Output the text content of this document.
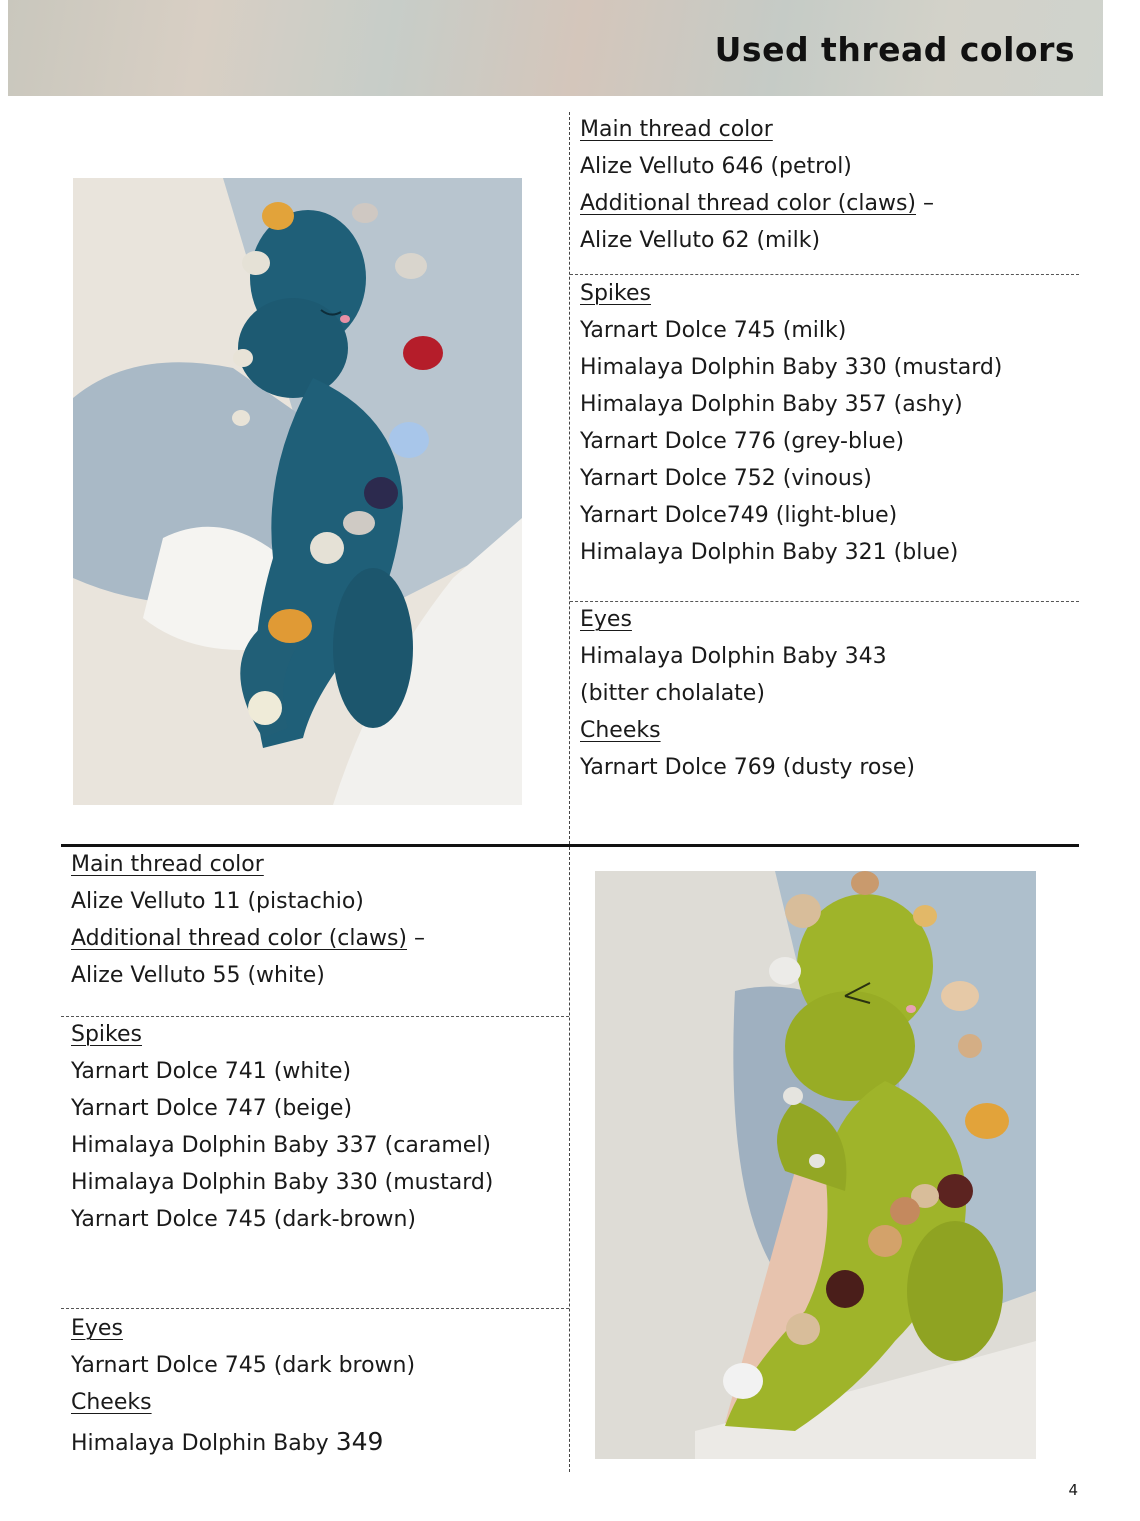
Used thread colors
Main thread color
Alize Velluto 646 (petrol)
Additional thread color (claws) –
Alize Velluto 62 (milk)
Spikes
Yarnart Dolce 745 (milk)
Himalaya Dolphin Baby 330 (mustard)
Himalaya Dolphin Baby 357 (ashy)
Yarnart Dolce 776 (grey-blue)
Yarnart Dolce 752 (vinous)
Yarnart Dolce749 (light-blue)
Himalaya Dolphin Baby 321 (blue)
Eyes
Himalaya Dolphin Baby 343
(bitter cholalate)
Cheeks
Yarnart Dolce 769 (dusty rose)
Main thread color
Alize Velluto 11 (pistachio)
Additional thread color (claws) –
Alize Velluto 55 (white)
Spikes
Yarnart Dolce 741 (white)
Yarnart Dolce 747 (beige)
Himalaya Dolphin Baby 337 (caramel)
Himalaya Dolphin Baby 330 (mustard)
Yarnart Dolce 745 (dark-brown)
Eyes
Yarnart Dolce 745 (dark brown)
Cheeks
Himalaya Dolphin Baby 349
4
